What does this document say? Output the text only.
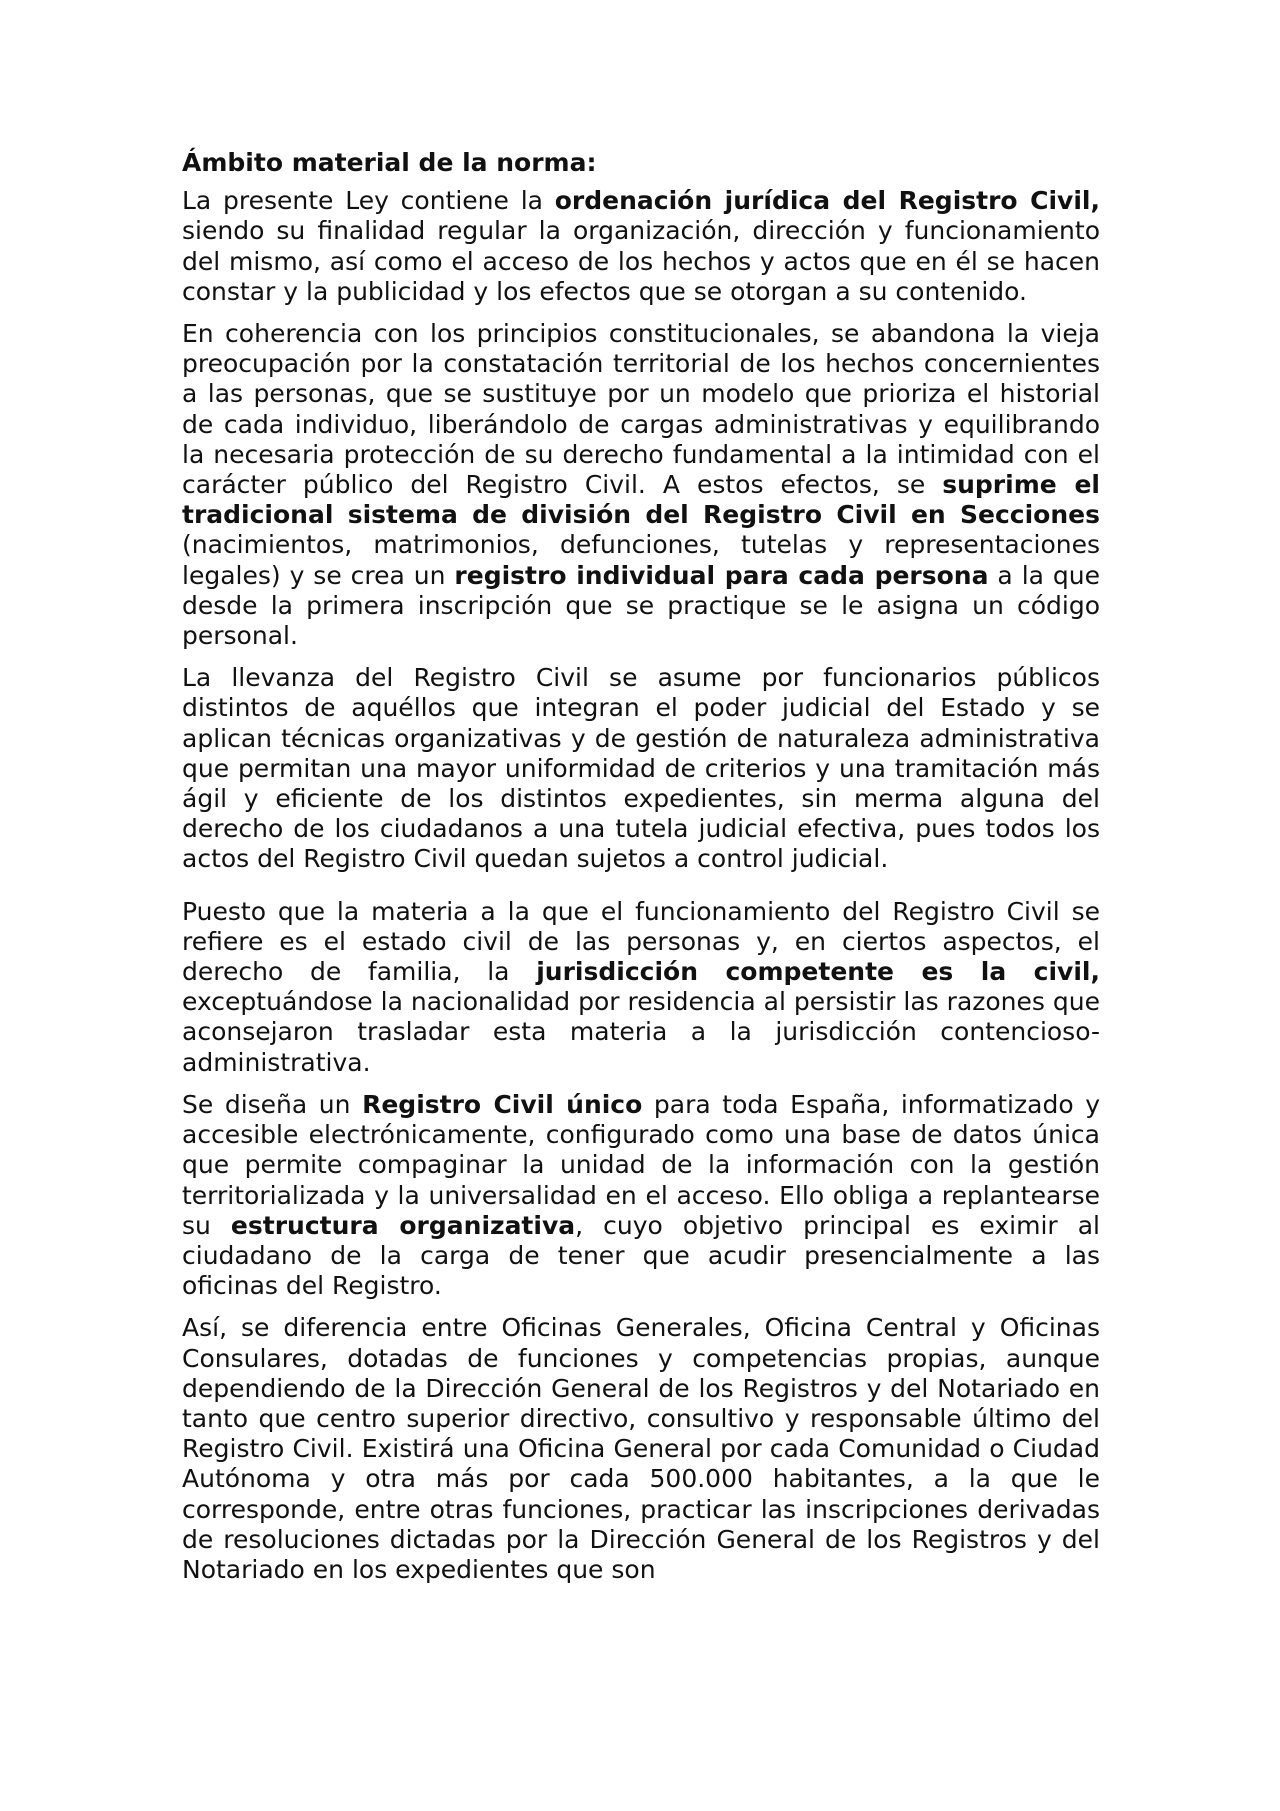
Ámbito material de la norma:

La presente Ley contiene la ordenación jurídica del Registro Civil, siendo su finalidad regular la organización, dirección y funcionamiento del mismo, así como el acceso de los hechos y actos que en él se hacen constar y la publicidad y los efectos que se otorgan a su contenido.

En coherencia con los principios constitucionales, se abandona la vieja preocupación por la constatación territorial de los hechos concernientes a las personas, que se sustituye por un modelo que prioriza el historial de cada individuo, liberándolo de cargas administrativas y equilibrando la necesaria protección de su derecho fundamental a la intimidad con el carácter público del Registro Civil. A estos efectos, se suprime el tradicional sistema de división del Registro Civil en Secciones (nacimientos, matrimonios, defunciones, tutelas y representaciones legales) y se crea un registro individual para cada persona a la que desde la primera inscripción que se practique se le asigna un código personal.

La llevanza del Registro Civil se asume por funcionarios públicos distintos de aquéllos que integran el poder judicial del Estado y se aplican técnicas organizativas y de gestión de naturaleza administrativa que permitan una mayor uniformidad de criterios y una tramitación más ágil y eficiente de los distintos expedientes, sin merma alguna del derecho de los ciudadanos a una tutela judicial efectiva, pues todos los actos del Registro Civil quedan sujetos a control judicial.

Puesto que la materia a la que el funcionamiento del Registro Civil se refiere es el estado civil de las personas y, en ciertos aspectos, el derecho de familia, la jurisdicción competente es la civil, exceptuándose la nacionalidad por residencia al persistir las razones que aconsejaron trasladar esta materia a la jurisdicción contencioso-administrativa.

Se diseña un Registro Civil único para toda España, informatizado y accesible electrónicamente, configurado como una base de datos única que permite compaginar la unidad de la información con la gestión territorializada y la universalidad en el acceso. Ello obliga a replantearse su estructura organizativa, cuyo objetivo principal es eximir al ciudadano de la carga de tener que acudir presencialmente a las oficinas del Registro.

Así, se diferencia entre Oficinas Generales, Oficina Central y Oficinas Consulares, dotadas de funciones y competencias propias, aunque dependiendo de la Dirección General de los Registros y del Notariado en tanto que centro superior directivo, consultivo y responsable último del Registro Civil. Existirá una Oficina General por cada Comunidad o Ciudad Autónoma y otra más por cada 500.000 habitantes, a la que le corresponde, entre otras funciones, practicar las inscripciones derivadas de resoluciones dictadas por la Dirección General de los Registros y del Notariado en los expedientes que son
